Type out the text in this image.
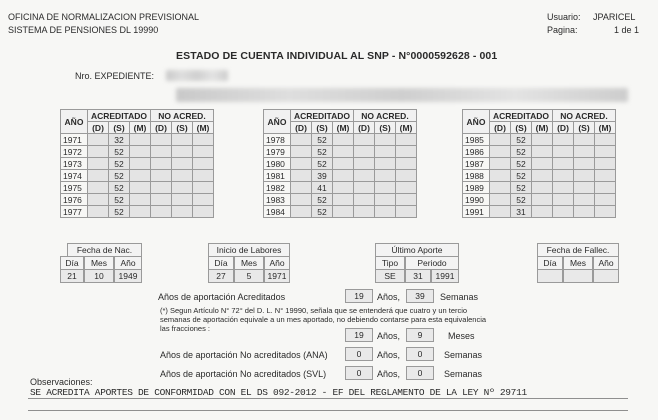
OFICINA DE NORMALIZACION PREVISIONAL
SISTEMA DE PENSIONES DL 19990
Usuario: JPARICEL
Pagina:	1 de 1
ESTADO DE CUENTA INDIVIDUAL AL SNP - N°0000592628 - 001
Nro. EXPEDIENTE:
AÑO	ACREDITADO			NO ACRED.		
	(D)	(S)	(M)	(D)	(S)	(M)
1971		32				
1972		52				
1973		52				
1974		52				
1975		52				
1976		52				
1977		52				
AÑO	ACREDITADO			NO ACRED.		
	(D)	(S)	(M)	(D)	(S)	(M)
1978		52				
1979		52				
1980		52				
1981		39				
1982		41				
1983		52				
1984		52				
AÑO	ACREDITADO			NO ACRED.		
	(D)	(S)	(M)	(D)	(S)	(M)
1985		52				
1986		52				
1987		52				
1988		52				
1989		52				
1990		52				
1991		31				
Fecha de Nac.
Día	Mes	Año
21	10	1949
Inicio de Labores
Día	Mes	Año
27	5	1971
Último Aporte
Tipo	Periodo
SE	31	1991
Fecha de Fallec.
Día	Mes	Año
Años de aportación Acreditados	19	Años,	39	Semanas
(*) Segun Artículo N° 72° del D. L. N° 19990, señala que se entenderá que cuatro y un tercio
semanas de aportación equivale a un mes aportado, no debiendo contarse para esta equivalencia
las fracciones :
19	Años,	9	Meses
Años de aportación No acreditados (ANA)	0	Años,	0	Semanas
Años de aportación No acreditados (SVL)	0	Años,	0	Semanas
Observaciones:
SE ACREDITA APORTES DE CONFORMIDAD CON EL DS 092-2012 - EF DEL REGLAMENTO DE LA LEY Nº 29711
